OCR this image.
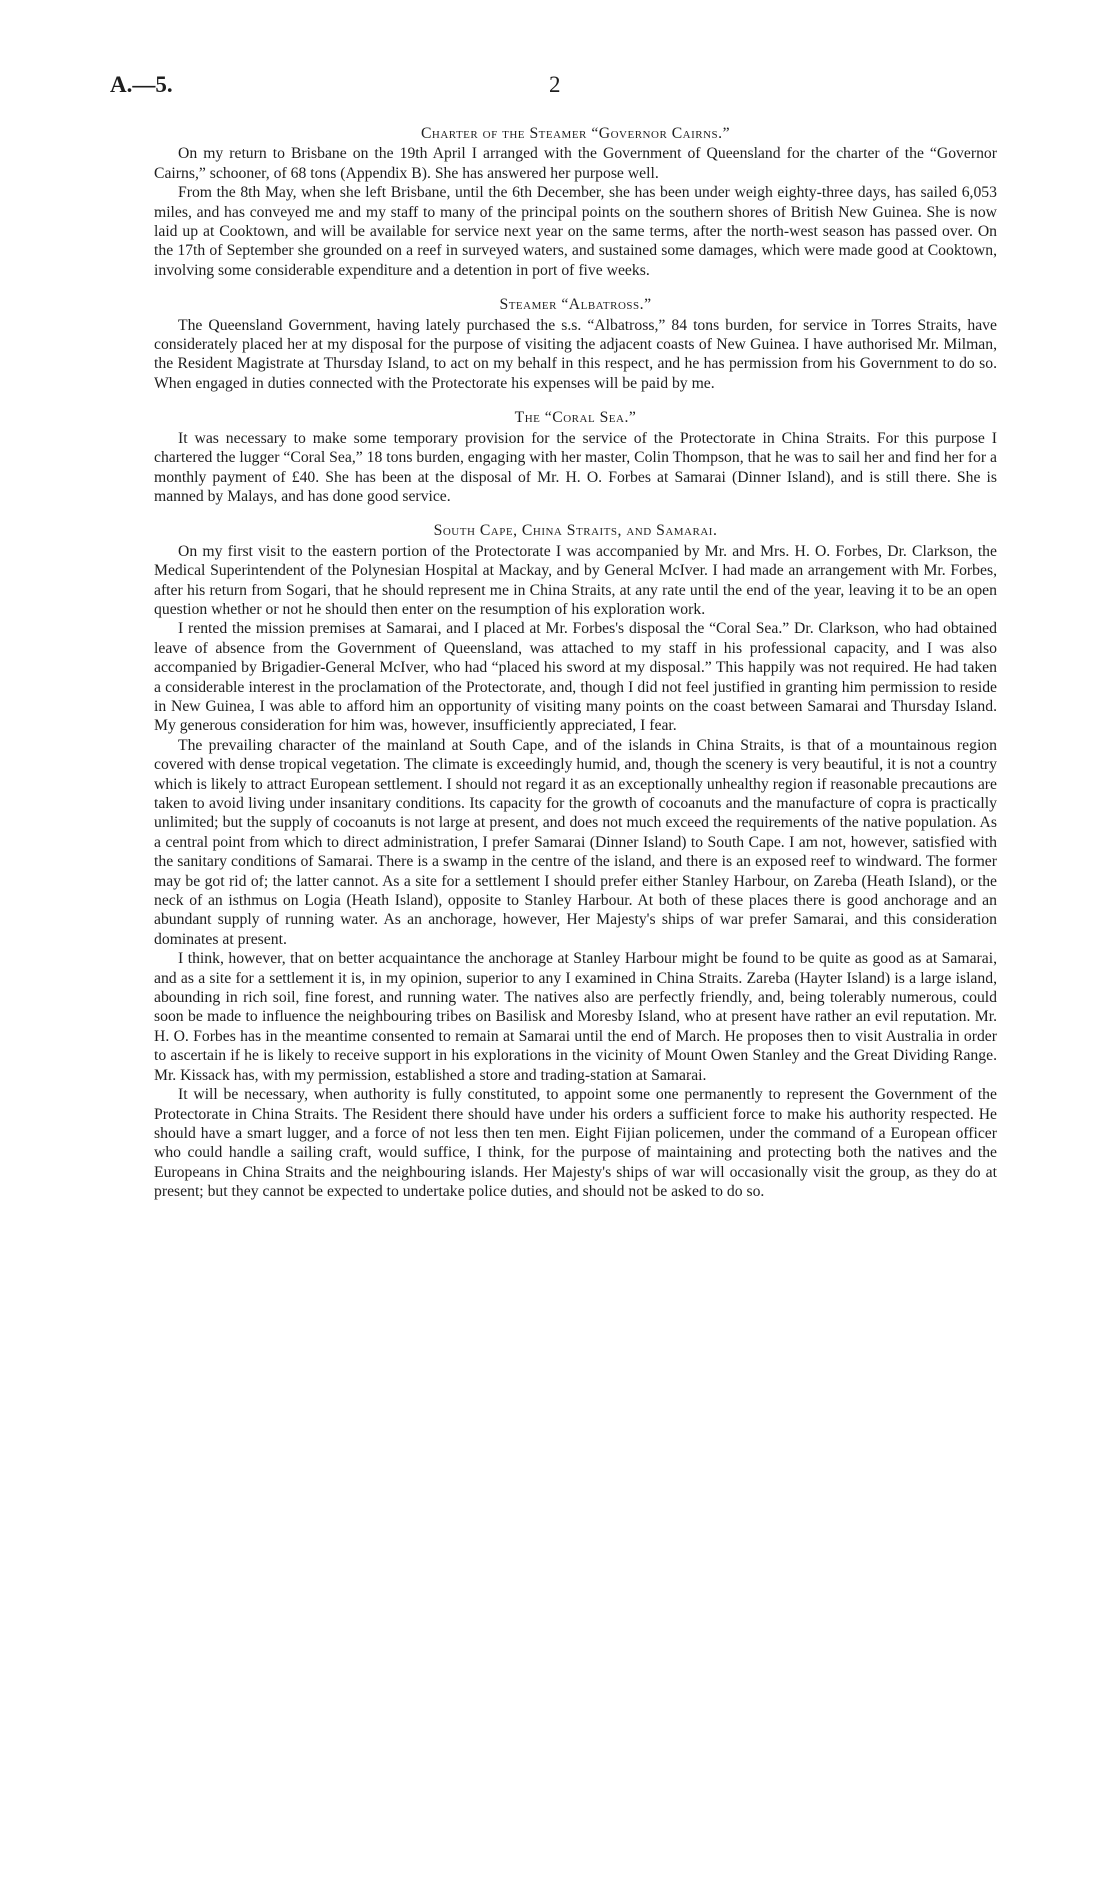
A.—5.	2
Charter of the Steamer “Governor Cairns.”

On my return to Brisbane on the 19th April I arranged with the Government of Queensland for the charter of the “Governor Cairns,” schooner, of 68 tons (Appendix B). She has answered her purpose well.

From the 8th May, when she left Brisbane, until the 6th December, she has been under weigh eighty-three days, has sailed 6,053 miles, and has conveyed me and my staff to many of the principal points on the southern shores of British New Guinea. She is now laid up at Cooktown, and will be available for service next year on the same terms, after the north-west season has passed over. On the 17th of September she grounded on a reef in surveyed waters, and sustained some damages, which were made good at Cooktown, involving some considerable expenditure and a detention in port of five weeks.

Steamer “Albatross.”

The Queensland Government, having lately purchased the s.s. “Albatross,” 84 tons burden, for service in Torres Straits, have considerately placed her at my disposal for the purpose of visiting the adjacent coasts of New Guinea. I have authorised Mr. Milman, the Resident Magistrate at Thursday Island, to act on my behalf in this respect, and he has permission from his Government to do so. When engaged in duties connected with the Protectorate his expenses will be paid by me.

The “Coral Sea.”

It was necessary to make some temporary provision for the service of the Protectorate in China Straits. For this purpose I chartered the lugger “Coral Sea,” 18 tons burden, engaging with her master, Colin Thompson, that he was to sail her and find her for a monthly payment of £40. She has been at the disposal of Mr. H. O. Forbes at Samarai (Dinner Island), and is still there. She is manned by Malays, and has done good service.

South Cape, China Straits, and Samarai.

On my first visit to the eastern portion of the Protectorate I was accompanied by Mr. and Mrs. H. O. Forbes, Dr. Clarkson, the Medical Superintendent of the Polynesian Hospital at Mackay, and by General McIver. I had made an arrangement with Mr. Forbes, after his return from Sogari, that he should represent me in China Straits, at any rate until the end of the year, leaving it to be an open question whether or not he should then enter on the resumption of his exploration work.

I rented the mission premises at Samarai, and I placed at Mr. Forbes's disposal the “Coral Sea.” Dr. Clarkson, who had obtained leave of absence from the Government of Queensland, was attached to my staff in his professional capacity, and I was also accompanied by Brigadier-General McIver, who had “placed his sword at my disposal.” This happily was not required. He had taken a considerable interest in the proclamation of the Protectorate, and, though I did not feel justified in granting him permission to reside in New Guinea, I was able to afford him an opportunity of visiting many points on the coast between Samarai and Thursday Island. My generous consideration for him was, however, insufficiently appreciated, I fear.

The prevailing character of the mainland at South Cape, and of the islands in China Straits, is that of a mountainous region covered with dense tropical vegetation. The climate is exceedingly humid, and, though the scenery is very beautiful, it is not a country which is likely to attract European settlement. I should not regard it as an exceptionally unhealthy region if reasonable precautions are taken to avoid living under insanitary conditions. Its capacity for the growth of cocoanuts and the manufacture of copra is practically unlimited; but the supply of cocoanuts is not large at present, and does not much exceed the requirements of the native population. As a central point from which to direct administration, I prefer Samarai (Dinner Island) to South Cape. I am not, however, satisfied with the sanitary conditions of Samarai. There is a swamp in the centre of the island, and there is an exposed reef to windward. The former may be got rid of; the latter cannot. As a site for a settlement I should prefer either Stanley Harbour, on Zareba (Heath Island), or the neck of an isthmus on Logia (Heath Island), opposite to Stanley Harbour. At both of these places there is good anchorage and an abundant supply of running water. As an anchorage, however, Her Majesty's ships of war prefer Samarai, and this consideration dominates at present.

I think, however, that on better acquaintance the anchorage at Stanley Harbour might be found to be quite as good as at Samarai, and as a site for a settlement it is, in my opinion, superior to any I examined in China Straits. Zareba (Hayter Island) is a large island, abounding in rich soil, fine forest, and running water. The natives also are perfectly friendly, and, being tolerably numerous, could soon be made to influence the neighbouring tribes on Basilisk and Moresby Island, who at present have rather an evil reputation. Mr. H. O. Forbes has in the meantime consented to remain at Samarai until the end of March. He proposes then to visit Australia in order to ascertain if he is likely to receive support in his explorations in the vicinity of Mount Owen Stanley and the Great Dividing Range. Mr. Kissack has, with my permission, established a store and trading-station at Samarai.

It will be necessary, when authority is fully constituted, to appoint some one permanently to represent the Government of the Protectorate in China Straits. The Resident there should have under his orders a sufficient force to make his authority respected. He should have a smart lugger, and a force of not less then ten men. Eight Fijian policemen, under the command of a European officer who could handle a sailing craft, would suffice, I think, for the purpose of maintaining and protecting both the natives and the Europeans in China Straits and the neighbouring islands. Her Majesty's ships of war will occasionally visit the group, as they do at present; but they cannot be expected to undertake police duties, and should not be asked to do so.
